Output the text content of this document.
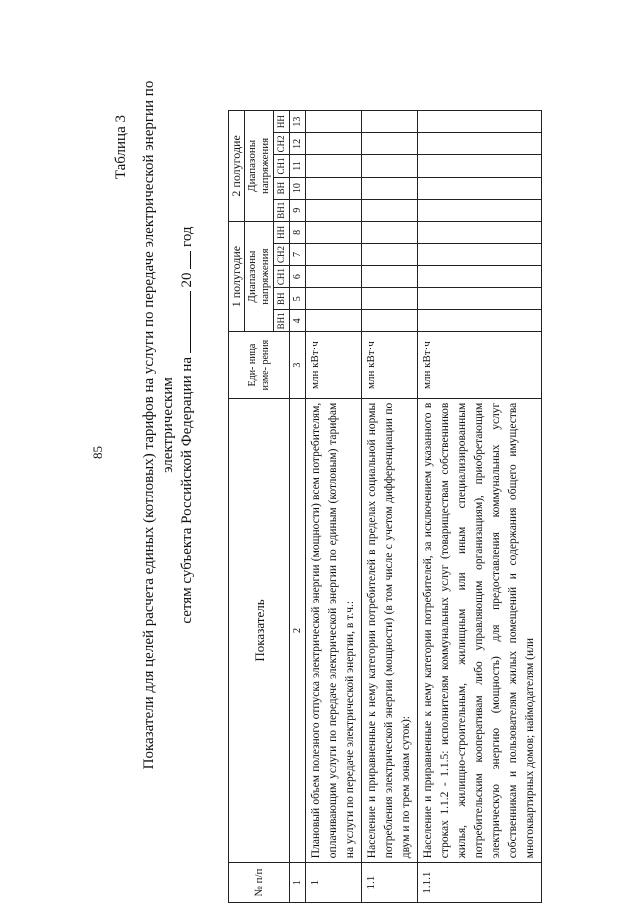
85
Таблица 3 Показатели для целей расчета единых (котловых) тарифов на услуги по передаче электрической энергии по электрическим сетям субъекта Российской Федерации на  20  год
№ п/п	Показатель	Еди- ница изме- рения	1 полугодие					2 полугодие				
			Диапазоны напряжения					Диапазоны напряжения				
			ВН1	ВН	СН1	СН2	НН	ВН1	ВН	СН1	СН2	НН
1	2	3	4	5	6	7	8	9	10	11	12	13
1	Плановый объем полезного отпуска электрической энергии (мощности) всем потребителям, оплачивающим услуги по передаче электрической энергии по единым (котловым) тарифам на услуги по передаче электрической энергии, в т.ч.:	млн кВт·ч										
1.1	Население и приравненные к нему категории потребителей в пределах социальной нормы потребления электрической энергии (мощности) (в том числе с учетом дифференциации по двум и по трем зонам суток):	млн кВт·ч										
1.1.1	Население и приравненные к нему категории потребителей, за исключением указанного в строках 1.1.2 - 1.1.5: исполнителям коммунальных услуг (товариществам собственников жилья, жилищно-строительным, жилищным или иным специализированным потребительским кооперативам либо управляющим организациям), приобретающим электрическую энергию (мощность) для предоставления коммунальных услуг собственникам и пользователям жилых помещений и содержания общего имущества многоквартирных домов; наймодателям (или	млн кВт·ч										
